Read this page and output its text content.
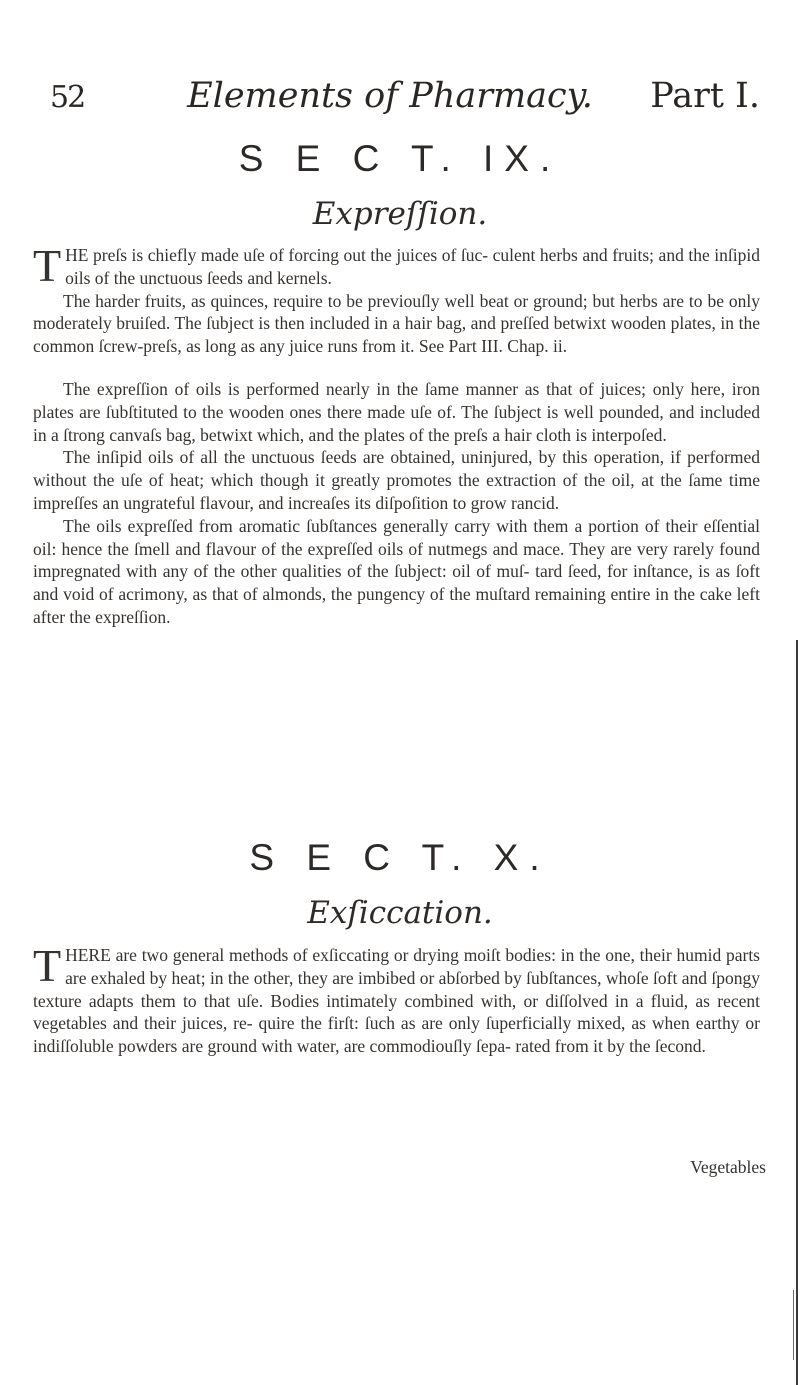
52	Elements of Pharmacy.	Part I.
S E C T. IX.
Expreſſion.

THE preſs is chiefly made uſe of forcing out the juices of ſuc- culent herbs and fruits; and the inſipid oils of the unctuous ſeeds and kernels.

The harder fruits, as quinces, require to be previouſly well beat or ground; but herbs are to be only moderately bruiſed. The ſubject is then included in a hair bag, and preſſed betwixt wooden plates, in the common ſcrew-preſs, as long as any juice runs from it. See Part III. Chap. ii.

The expreſſion of oils is performed nearly in the ſame manner as that of juices; only here, iron plates are ſubſtituted to the wooden ones there made uſe of. The ſubject is well pounded, and included in a ſtrong canvaſs bag, betwixt which, and the plates of the preſs a hair cloth is interpoſed.

The inſipid oils of all the unctuous ſeeds are obtained, uninjured, by this operation, if performed without the uſe of heat; which though it greatly promotes the extraction of the oil, at the ſame time impreſſes an ungrateful flavour, and increaſes its diſpoſition to grow rancid.

The oils expreſſed from aromatic ſubſtances generally carry with them a portion of their eſſential oil: hence the ſmell and flavour of the expreſſed oils of nutmegs and mace. They are very rarely found impregnated with any of the other qualities of the ſubject: oil of muſ- tard ſeed, for inſtance, is as ſoft and void of acrimony, as that of almonds, the pungency of the muſtard remaining entire in the cake left after the expreſſion.

S E C T. X.
Exſiccation.

THERE are two general methods of exſiccating or drying moiſt bodies: in the one, their humid parts are exhaled by heat; in the other, they are imbibed or abſorbed by ſubſtances, whoſe ſoft and ſpongy texture adapts them to that uſe. Bodies intimately combined with, or diſſolved in a fluid, as recent vegetables and their juices, re- quire the firſt: ſuch as are only ſuperficially mixed, as when earthy or indiſſoluble powders are ground with water, are commodiouſly ſepa- rated from it by the ſecond.

Vegetables
